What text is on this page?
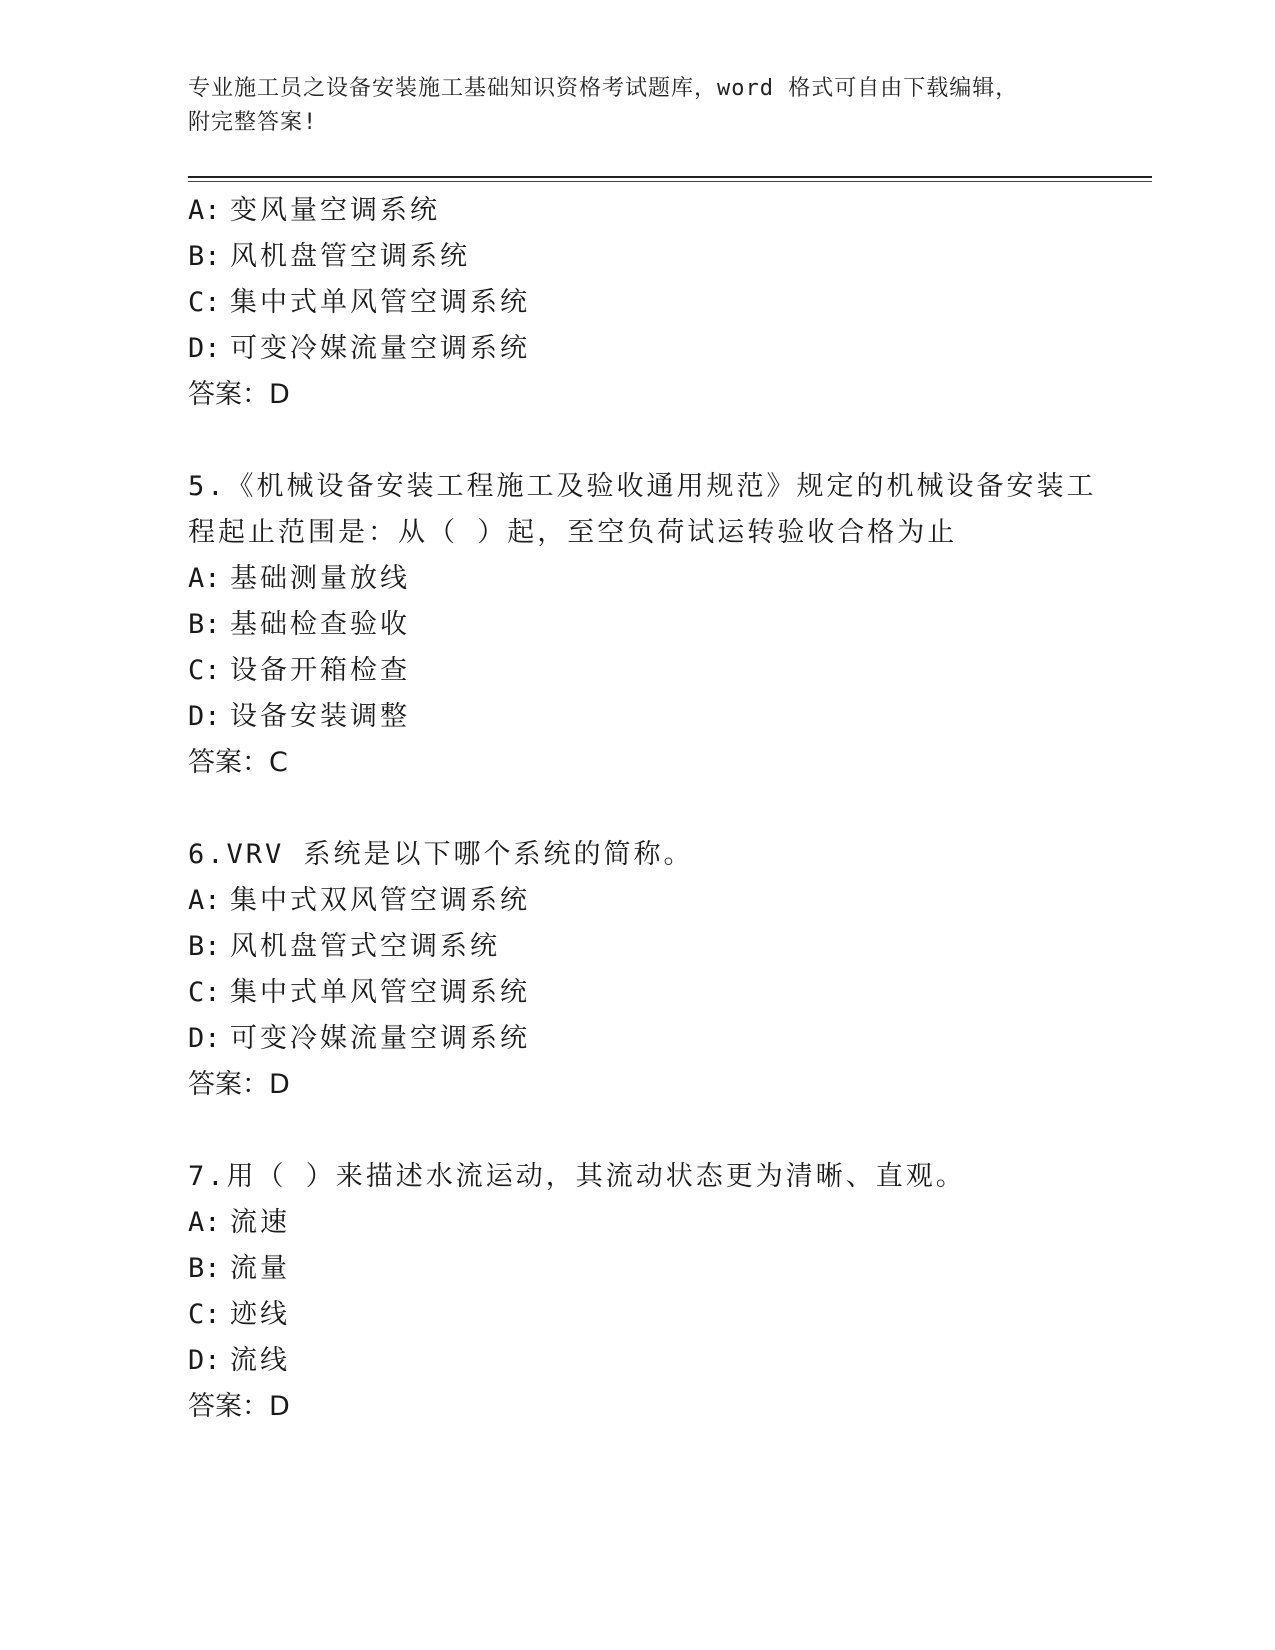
专业施工员之设备安装施工基础知识资格考试题库，word 格式可自由下载编辑，
附完整答案!
A: 变风量空调系统
B: 风机盘管空调系统
C: 集中式单风管空调系统
D: 可变冷媒流量空调系统
答案：D
5.《机械设备安装工程施工及验收通用规范》规定的机械设备安装工
程起止范围是：从（ ）起，至空负荷试运转验收合格为止
A: 基础测量放线
B: 基础检查验收
C: 设备开箱检查
D: 设备安装调整
答案：C
6.VRV 系统是以下哪个系统的简称。
A: 集中式双风管空调系统
B: 风机盘管式空调系统
C: 集中式单风管空调系统
D: 可变冷媒流量空调系统
答案：D
7.用（ ）来描述水流运动，其流动状态更为清晰、直观。
A: 流速
B: 流量
C: 迹线
D: 流线
答案：D
